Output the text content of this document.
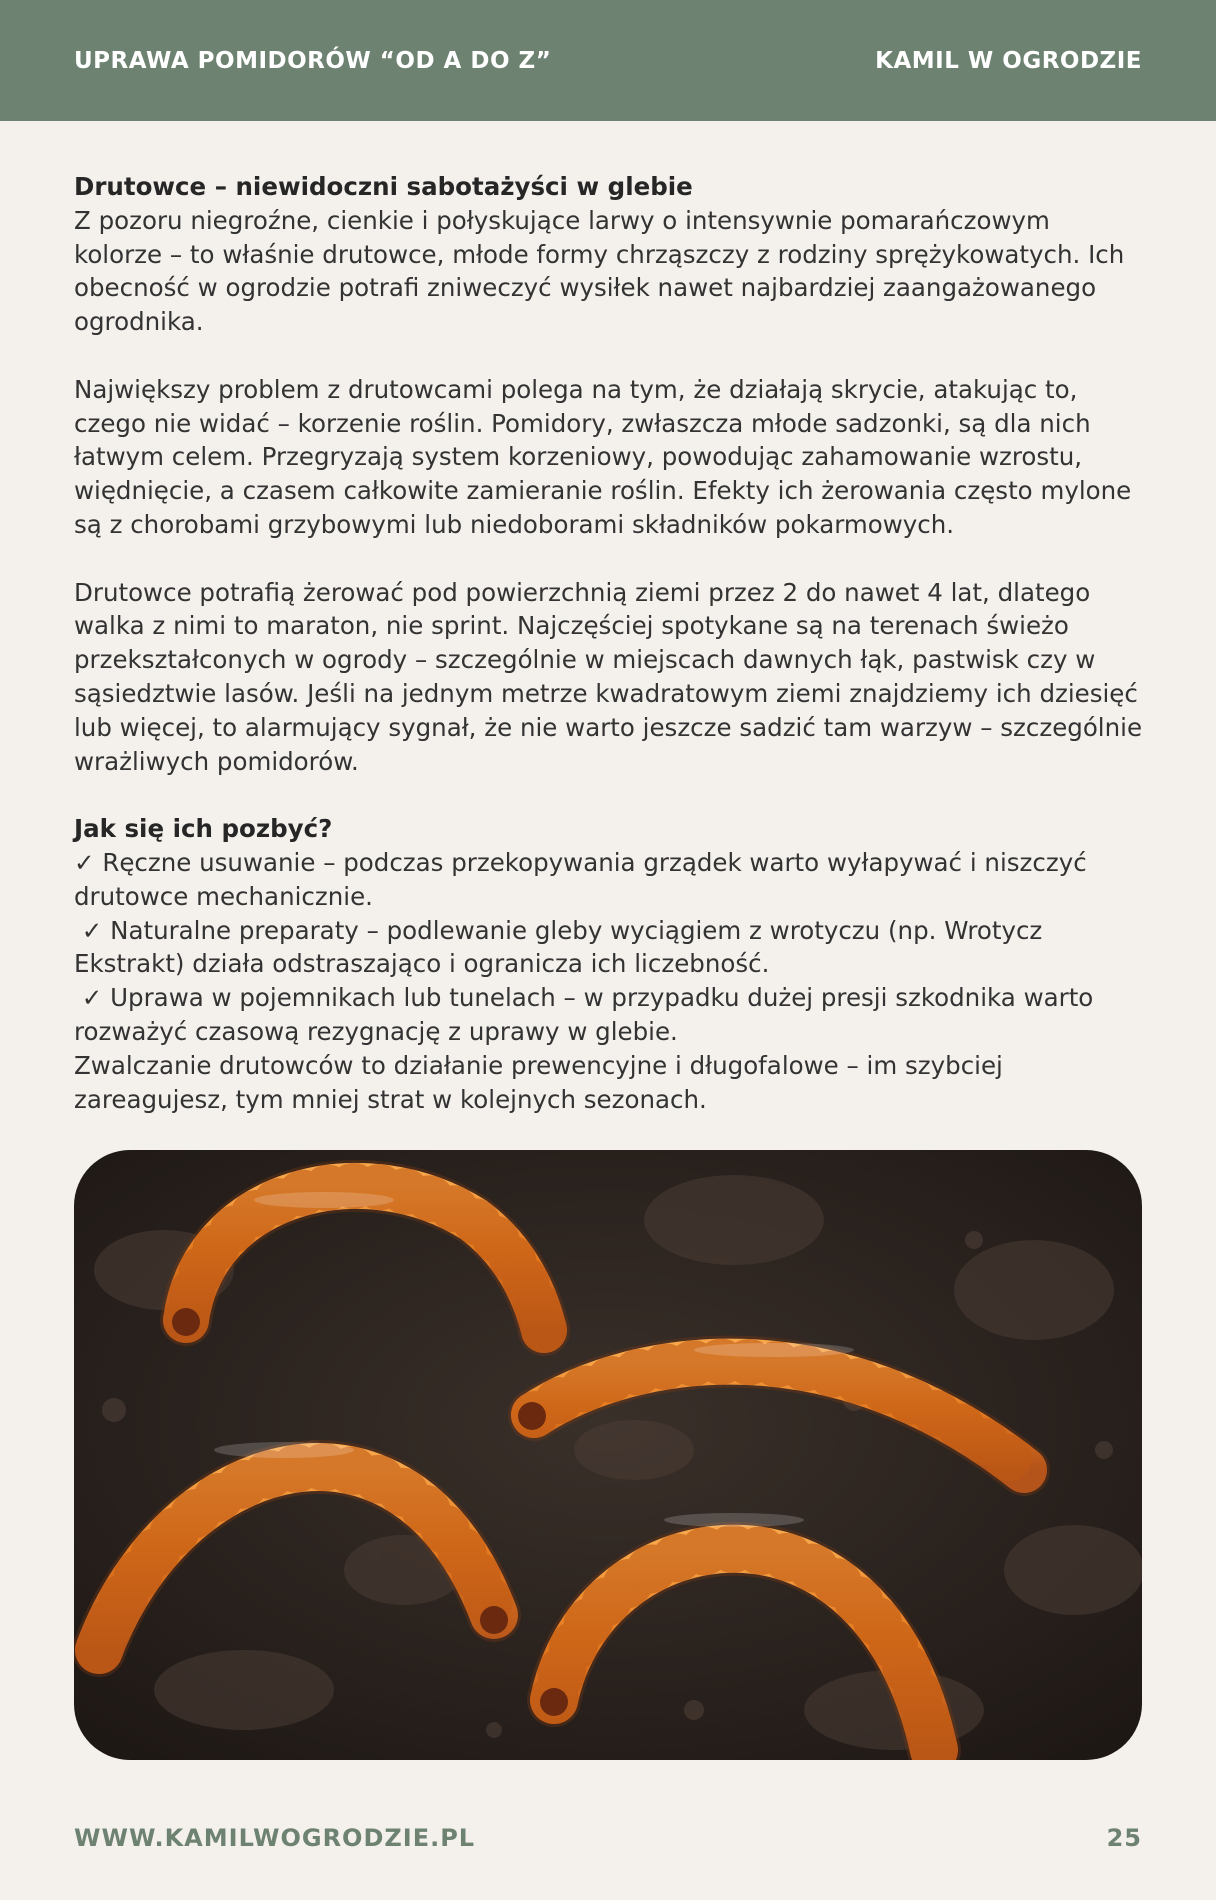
UPRAWA POMIDORÓW “OD A DO Z”	KAMIL W OGRODZIE

Drutowce – niewidoczni sabotażyści w glebie

Z pozoru niegroźne, cienkie i połyskujące larwy o intensywnie pomarańczowym kolorze – to właśnie drutowce, młode formy chrząszczy z rodziny sprężykowatych. Ich obecność w ogrodzie potrafi zniweczyć wysiłek nawet najbardziej zaangażowanego ogrodnika.

Największy problem z drutowcami polega na tym, że działają skrycie, atakując to, czego nie widać – korzenie roślin. Pomidory, zwłaszcza młode sadzonki, są dla nich łatwym celem. Przegryzają system korzeniowy, powodując zahamowanie wzrostu, więdnięcie, a czasem całkowite zamieranie roślin. Efekty ich żerowania często mylone są z chorobami grzybowymi lub niedoborami składników pokarmowych.

Drutowce potrafią żerować pod powierzchnią ziemi przez 2 do nawet 4 lat, dlatego walka z nimi to maraton, nie sprint. Najczęściej spotykane są na terenach świeżo przekształconych w ogrody – szczególnie w miejscach dawnych łąk, pastwisk czy w sąsiedztwie lasów. Jeśli na jednym metrze kwadratowym ziemi znajdziemy ich dziesięć lub więcej, to alarmujący sygnał, że nie warto jeszcze sadzić tam warzyw – szczególnie wrażliwych pomidorów.

Jak się ich pozbyć?

✓ Ręczne usuwanie – podczas przekopywania grządek warto wyłapywać i niszczyć drutowce mechanicznie.

✓ Naturalne preparaty – podlewanie gleby wyciągiem z wrotyczu (np. Wrotycz Ekstrakt) działa odstraszająco i ogranicza ich liczebność.

✓ Uprawa w pojemnikach lub tunelach – w przypadku dużej presji szkodnika warto rozważyć czasową rezygnację z uprawy w glebie.

Zwalczanie drutowców to działanie prewencyjne i długofalowe – im szybciej zareagujesz, tym mniej strat w kolejnych sezonach.

WWW.KAMILWOGRODZIE.PL	25
